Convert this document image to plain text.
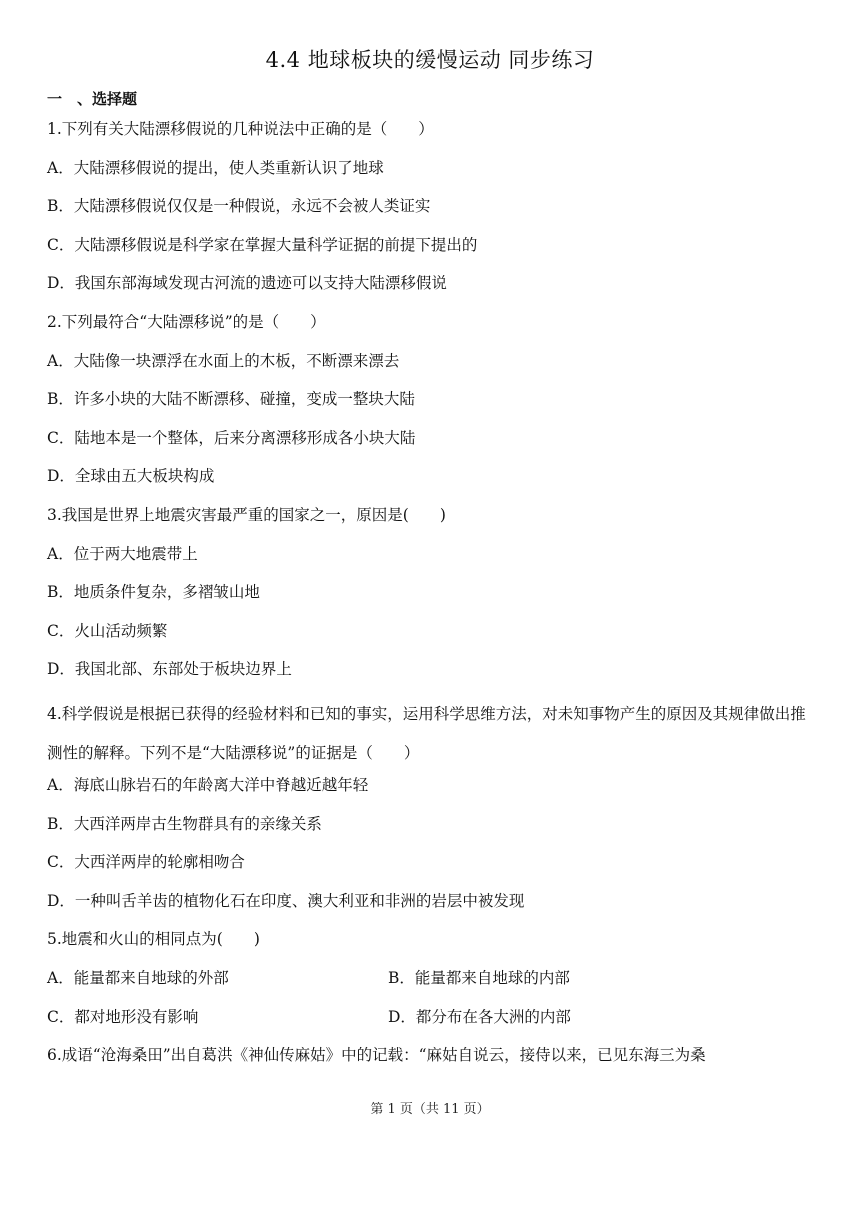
4.4 地球板块的缓慢运动 同步练习
一　、选择题
1.下列有关大陆漂移假说的几种说法中正确的是（　　）
A．大陆漂移假说的提出，使人类重新认识了地球
B．大陆漂移假说仅仅是一种假说，永远不会被人类证实
C．大陆漂移假说是科学家在掌握大量科学证据的前提下提出的
D．我国东部海域发现古河流的遗迹可以支持大陆漂移假说
2.下列最符合“大陆漂移说”的是（　　）
A．大陆像一块漂浮在水面上的木板，不断漂来漂去
B．许多小块的大陆不断漂移、碰撞，变成一整块大陆
C．陆地本是一个整体，后来分离漂移形成各小块大陆
D．全球由五大板块构成
3.我国是世界上地震灾害最严重的国家之一，原因是(　　)
A．位于两大地震带上
B．地质条件复杂，多褶皱山地
C．火山活动频繁
D．我国北部、东部处于板块边界上
4.科学假说是根据已获得的经验材料和已知的事实，运用科学思维方法，对未知事物产生的原因及其规律做出推测性的解释。下列不是“大陆漂移说”的证据是（　　）
A．海底山脉岩石的年龄离大洋中脊越近越年轻
B．大西洋两岸古生物群具有的亲缘关系
C．大西洋两岸的轮廓相吻合
D．一种叫舌羊齿的植物化石在印度、澳大利亚和非洲的岩层中被发现
5.地震和火山的相同点为(　　)
A．能量都来自地球的外部	B．能量都来自地球的内部
C．都对地形没有影响	D．都分布在各大洲的内部
6.成语“沧海桑田”出自葛洪《神仙传麻姑》中的记载：“麻姑自说云，接侍以来，已见东海三为桑
第 1 页（共 11 页）
